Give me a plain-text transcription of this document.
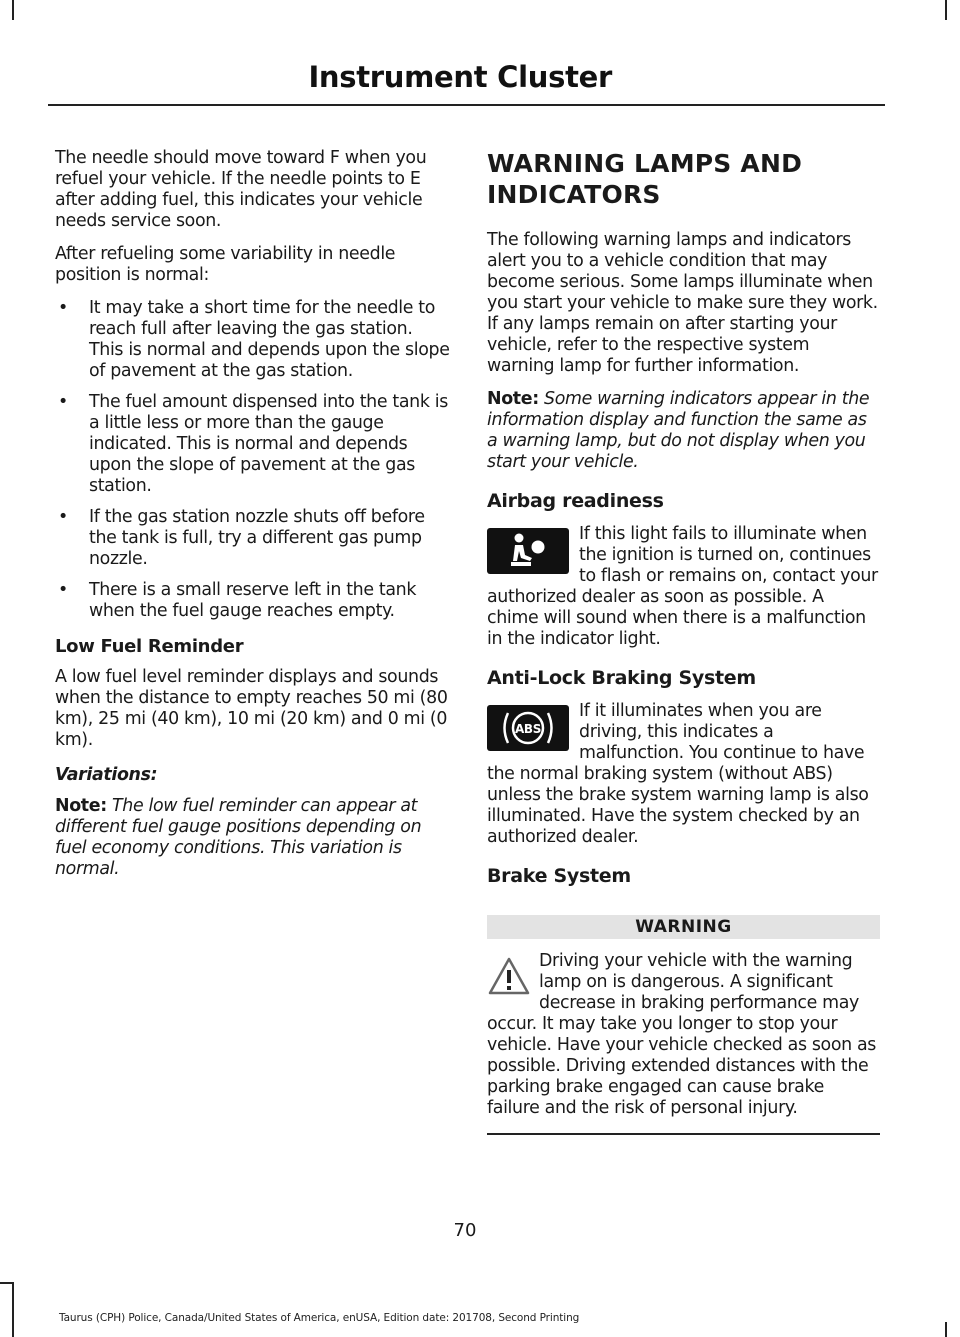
Instrument Cluster

The needle should move toward F when you refuel your vehicle. If the needle points to E after adding fuel, this indicates your vehicle needs service soon.

After refueling some variability in needle position is normal:

• It may take a short time for the needle to reach full after leaving the gas station. This is normal and depends upon the slope of pavement at the gas station.
• The fuel amount dispensed into the tank is a little less or more than the gauge indicated. This is normal and depends upon the slope of pavement at the gas station.
• If the gas station nozzle shuts off before the tank is full, try a different gas pump nozzle.
• There is a small reserve left in the tank when the fuel gauge reaches empty.
Low Fuel Reminder

A low fuel level reminder displays and sounds when the distance to empty reaches 50 mi (80 km), 25 mi (40 km), 10 mi (20 km) and 0 mi (0 km).

Variations:

Note: The low fuel reminder can appear at different fuel gauge positions depending on fuel economy conditions. This variation is normal.

WARNING LAMPS AND
INDICATORS

The following warning lamps and indicators alert you to a vehicle condition that may become serious. Some lamps illuminate when you start your vehicle to make sure they work. If any lamps remain on after starting your vehicle, refer to the respective system warning lamp for further information.

Note: Some warning indicators appear in the information display and function the same as a warning lamp, but do not display when you start your vehicle.

Airbag readiness

If this light fails to illuminate when the ignition is turned on, continues to flash or remains on, contact your authorized dealer as soon as possible. A chime will sound when there is a malfunction in the indicator light.

Anti-Lock Braking System
ABS

If it illuminates when you are driving, this indicates a malfunction. You continue to have the normal braking system (without ABS) unless the brake system warning lamp is also illuminated. Have the system checked by an authorized dealer.

Brake System
WARNING

Driving your vehicle with the warning lamp on is dangerous. A significant decrease in braking performance may occur. It may take you longer to stop your vehicle. Have your vehicle checked as soon as possible. Driving extended distances with the parking brake engaged can cause brake failure and the risk of personal injury.

70
Taurus (CPH) Police, Canada/United States of America, enUSA, Edition date: 201708, Second Printing
